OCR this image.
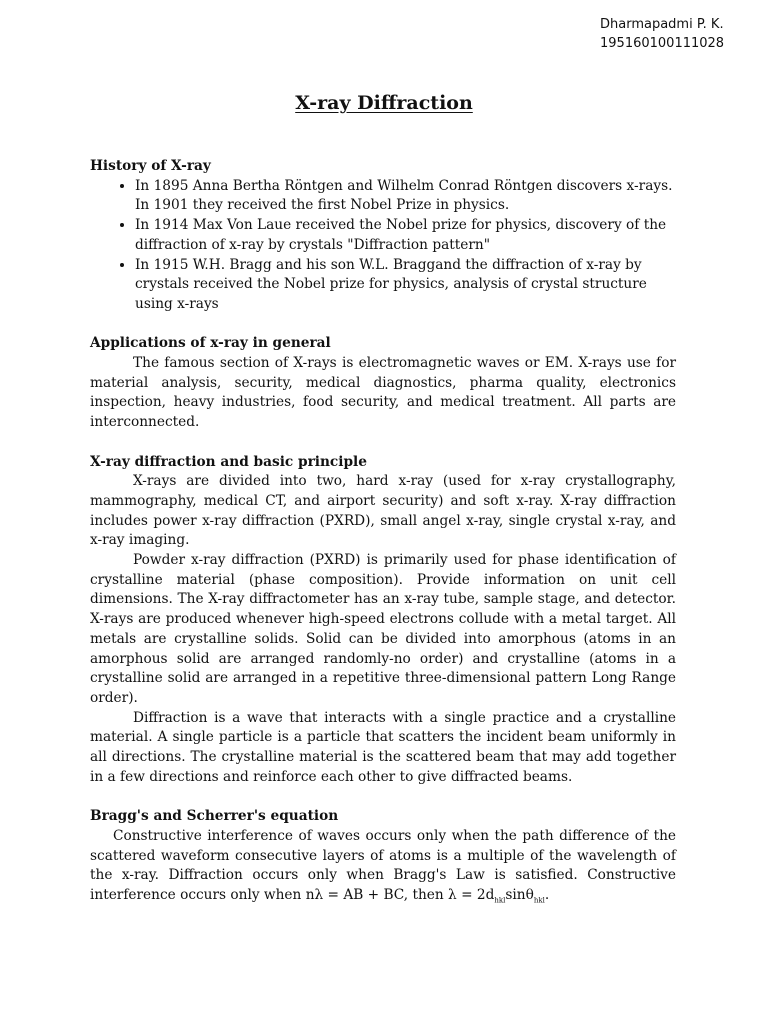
Dharmapadmi P. K.
195160100111028
X-ray Diffraction
History of X-ray
• In 1895 Anna Bertha Röntgen and Wilhelm Conrad Röntgen discovers x-rays. In 1901 they received the first Nobel Prize in physics.
• In 1914 Max Von Laue received the Nobel prize for physics, discovery of the diffraction of x-ray by crystals "Diffraction pattern"
• In 1915 W.H. Bragg and his son W.L. Braggand the diffraction of x-ray by crystals received the Nobel prize for physics, analysis of crystal structure using x-rays
Applications of x-ray in general

The famous section of X-rays is electromagnetic waves or EM. X-rays use for material analysis, security, medical diagnostics, pharma quality, electronics inspection, heavy industries, food security, and medical treatment. All parts are interconnected.

X-ray diffraction and basic principle

X-rays are divided into two, hard x-ray (used for x-ray crystallography, mammography, medical CT, and airport security) and soft x-ray. X-ray diffraction includes power x-ray diffraction (PXRD), small angel x-ray, single crystal x-ray, and x-ray imaging.

Powder x-ray diffraction (PXRD) is primarily used for phase identification of crystalline material (phase composition). Provide information on unit cell dimensions. The X-ray diffractometer has an x-ray tube, sample stage, and detector. X-rays are produced whenever high-speed electrons collude with a metal target. All metals are crystalline solids. Solid can be divided into amorphous (atoms in an amorphous solid are arranged randomly-no order) and crystalline (atoms in a crystalline solid are arranged in a repetitive three-dimensional pattern Long Range order).

Diffraction is a wave that interacts with a single practice and a crystalline material. A single particle is a particle that scatters the incident beam uniformly in all directions. The crystalline material is the scattered beam that may add together in a few directions and reinforce each other to give diffracted beams.

Bragg's and Scherrer's equation

Constructive interference of waves occurs only when the path difference of the scattered waveform consecutive layers of atoms is a multiple of the wavelength of the x-ray. Diffraction occurs only when Bragg's Law is satisfied. Constructive interference occurs only when nλ = AB + BC, then $\lambda = 2d_{hkl}\sin\theta_{hkl}$.
